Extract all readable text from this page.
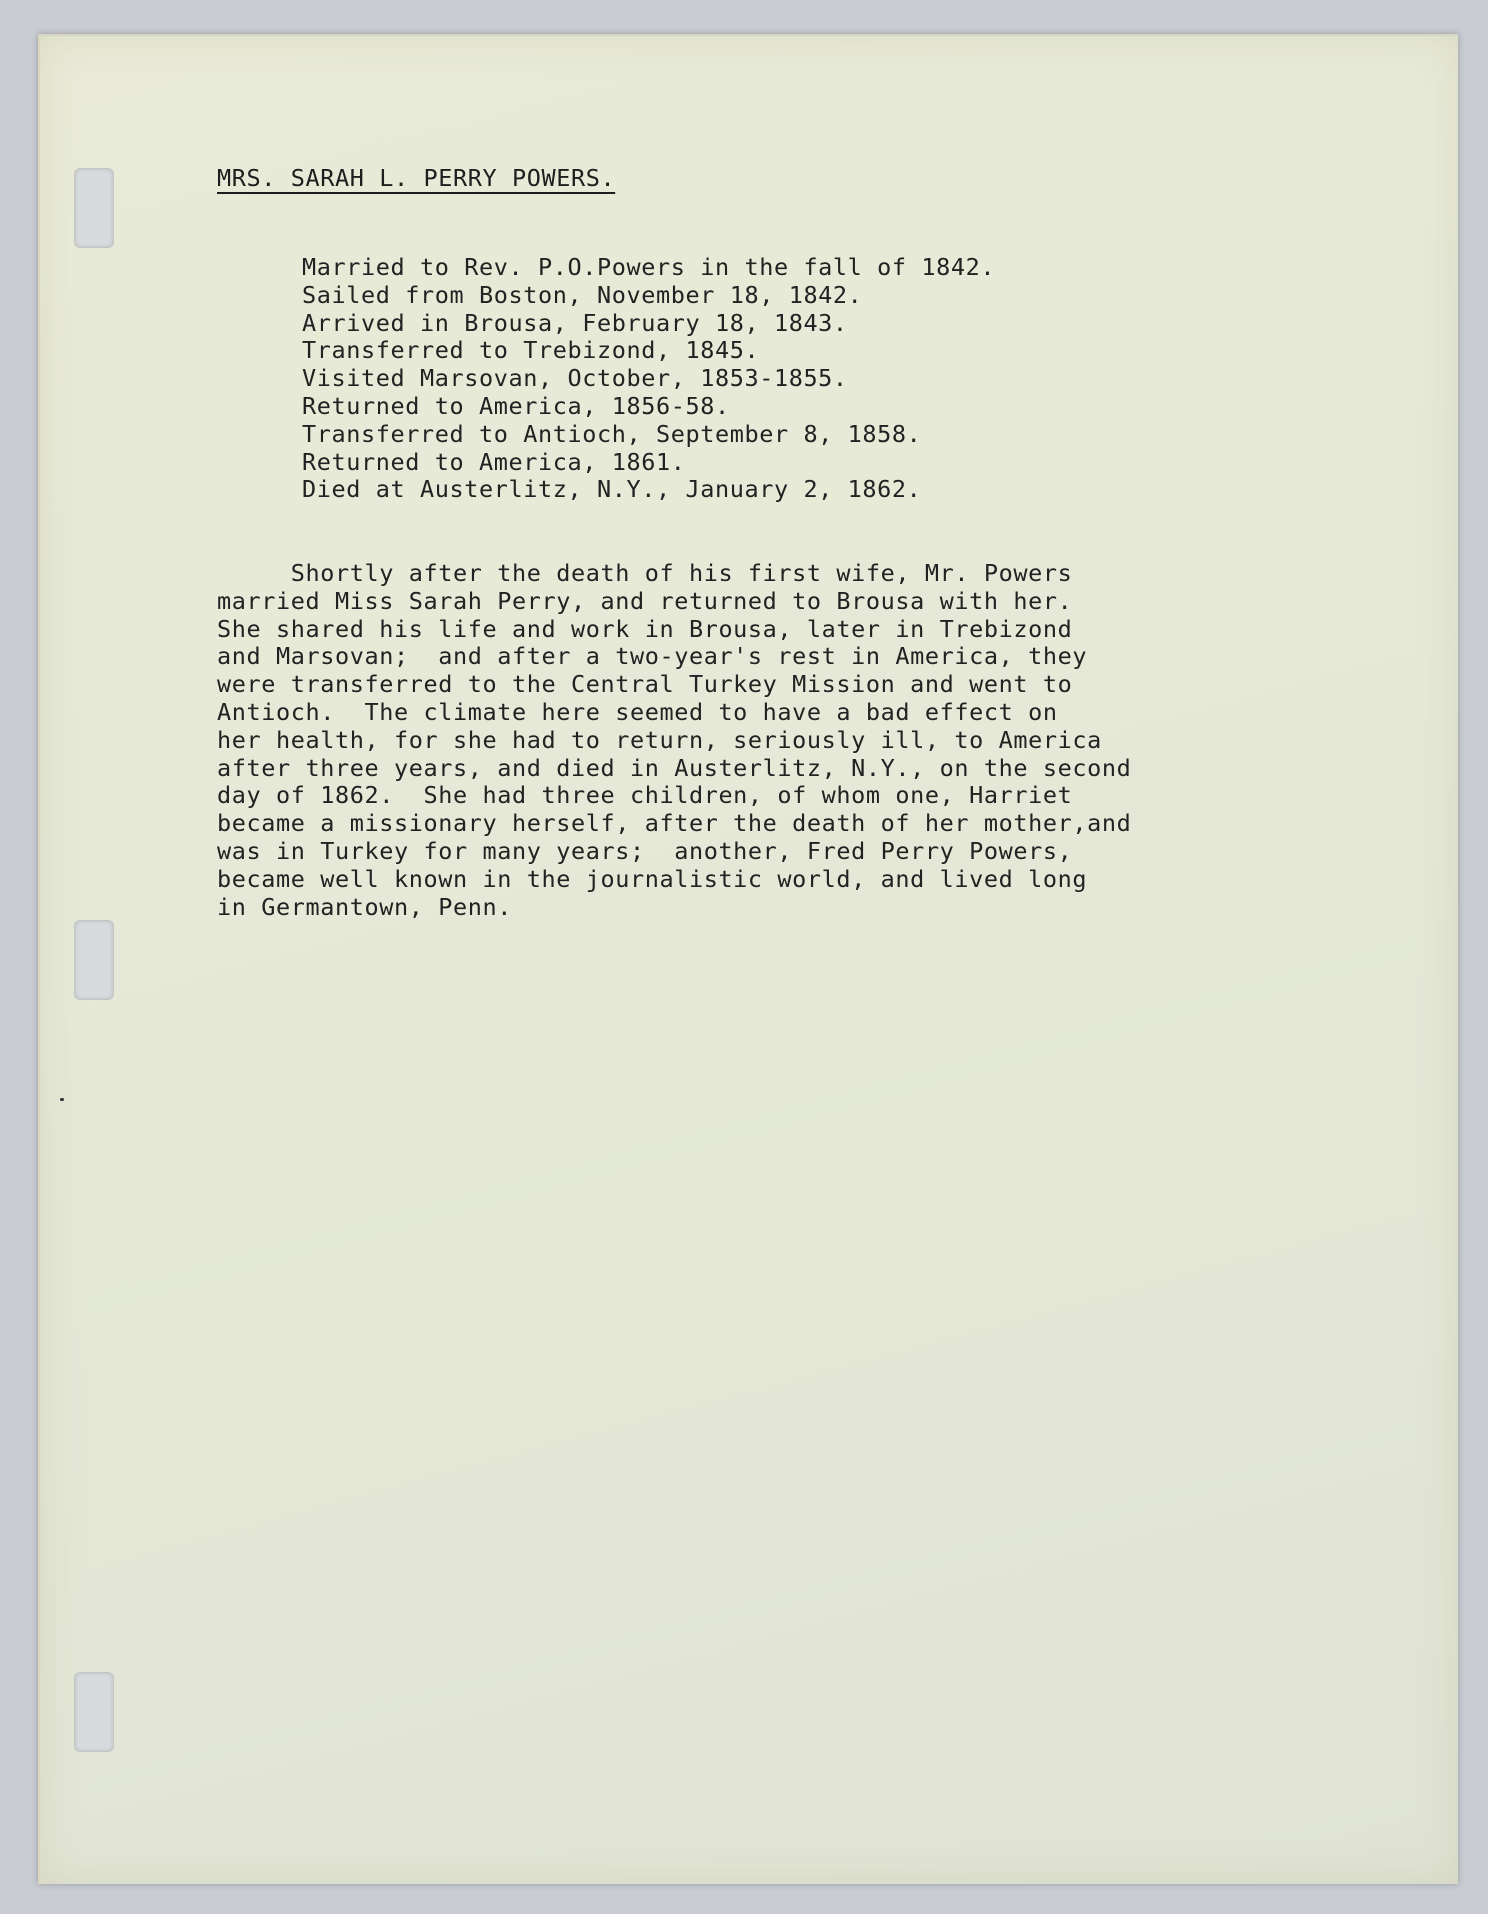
MRS. SARAH L. PERRY POWERS.
Married to Rev. P.O.Powers in the fall of 1842.
Sailed from Boston, November 18, 1842.
Arrived in Brousa, February 18, 1843.
Transferred to Trebizond, 1845.
Visited Marsovan, October, 1853-1855.
Returned to America, 1856-58.
Transferred to Antioch, September 8, 1858.
Returned to America, 1861.
Died at Austerlitz, N.Y., January 2, 1862.
Shortly after the death of his first wife, Mr. Powers
married Miss Sarah Perry, and returned to Brousa with her.
She shared his life and work in Brousa, later in Trebizond
and Marsovan;  and after a two-year's rest in America, they
were transferred to the Central Turkey Mission and went to
Antioch.  The climate here seemed to have a bad effect on
her health, for she had to return, seriously ill, to America
after three years, and died in Austerlitz, N.Y., on the second
day of 1862.  She had three children, of whom one, Harriet
became a missionary herself, after the death of her mother,and
was in Turkey for many years;  another, Fred Perry Powers,
became well known in the journalistic world, and lived long
in Germantown, Penn.
